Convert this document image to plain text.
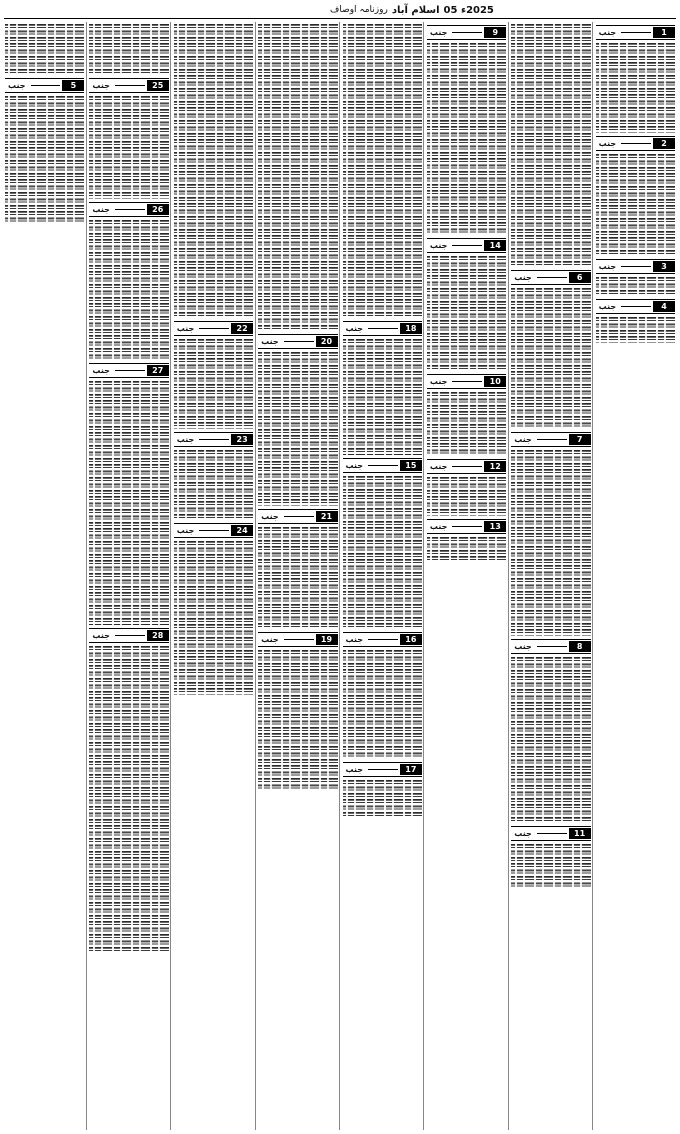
2025ء 05
اسلام آباد
روزنامہ اوصاف
1
جنب
2
جنب
3
جنب
4
جنب
6
جنب
7
جنب
8
جنب
11
جنب
9
جنب
14
جنب
10
جنب
12
جنب
13
جنب
18
جنب
15
جنب
16
جنب
17
جنب
20
جنب
21
جنب
19
جنب
22
جنب
23
جنب
24
جنب
25
جنب
26
جنب
27
جنب
28
جنب
5
جنب
